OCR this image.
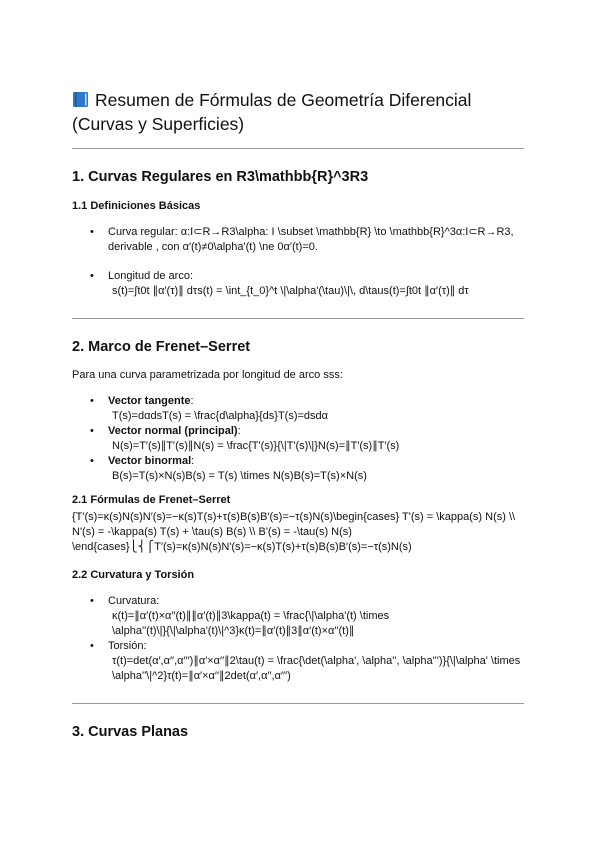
Resumen de Fórmulas de Geometría Diferencial
(Curvas y Superficies)
1. Curvas Regulares en R3\mathbb{R}^3R3
1.1 Definiciones Básicas
• Curva regular: α:I⊂R→R3\alpha: I \subset \mathbb{R} \to \mathbb{R}^3α:I⊂R→R3,
derivable , con α′(t)≠0\alpha'(t) \ne 0α′(t)=0.
• Longitud de arco:

s(t)=∫t0t ∥α′(τ)∥ dτs(t) = \int_{t_0}^t \|\alpha'(\tau)\|\, d\taus(t)=∫t0t ∥α′(τ)∥ dτ
2. Marco de Frenet–Serret

Para una curva parametrizada por longitud de arco sss:

• Vector tangente:

T(s)=dαdsT(s) = \frac{d\alpha}{ds}T(s)=dsdα
• Vector normal (principal):

N(s)=T′(s)∥T′(s)∥N(s) = \frac{T'(s)}{\|T'(s)\|}N(s)=∥T′(s)∥T′(s)
• Vector binormal:

B(s)=T(s)×N(s)B(s) = T(s) \times N(s)B(s)=T(s)×N(s)
2.1 Fórmulas de Frenet–Serret

{T′(s)=κ(s)N(s)N′(s)=−κ(s)T(s)+τ(s)B(s)B′(s)=−τ(s)N(s)\begin{cases} T'(s) = \kappa(s) N(s) \\

N'(s) = -\kappa(s) T(s) + \tau(s) B(s) \\ B'(s) = -\tau(s) N(s)

\end{cases}⎩⎨⎧T′(s)=κ(s)N(s)N′(s)=−κ(s)T(s)+τ(s)B(s)B′(s)=−τ(s)N(s)

2.2 Curvatura y Torsión
• Curvatura:

κ(t)=∥α′(t)×α′′(t)∥∥α′(t)∥3\kappa(t) = \frac{\|\alpha'(t) \times
\alpha''(t)\|}{\|\alpha'(t)\|^3}κ(t)=∥α′(t)∥3∥α′(t)×α′′(t)∥
• Torsión:

τ(t)=det(α′,α′′,α′′′)∥α′×α′′∥2\tau(t) = \frac{\det(\alpha', \alpha'', \alpha''')}{\|\alpha' \times
\alpha''\|^2}τ(t)=∥α′×α′′∥2det(α′,α′′,α′′′)
3. Curvas Planas
